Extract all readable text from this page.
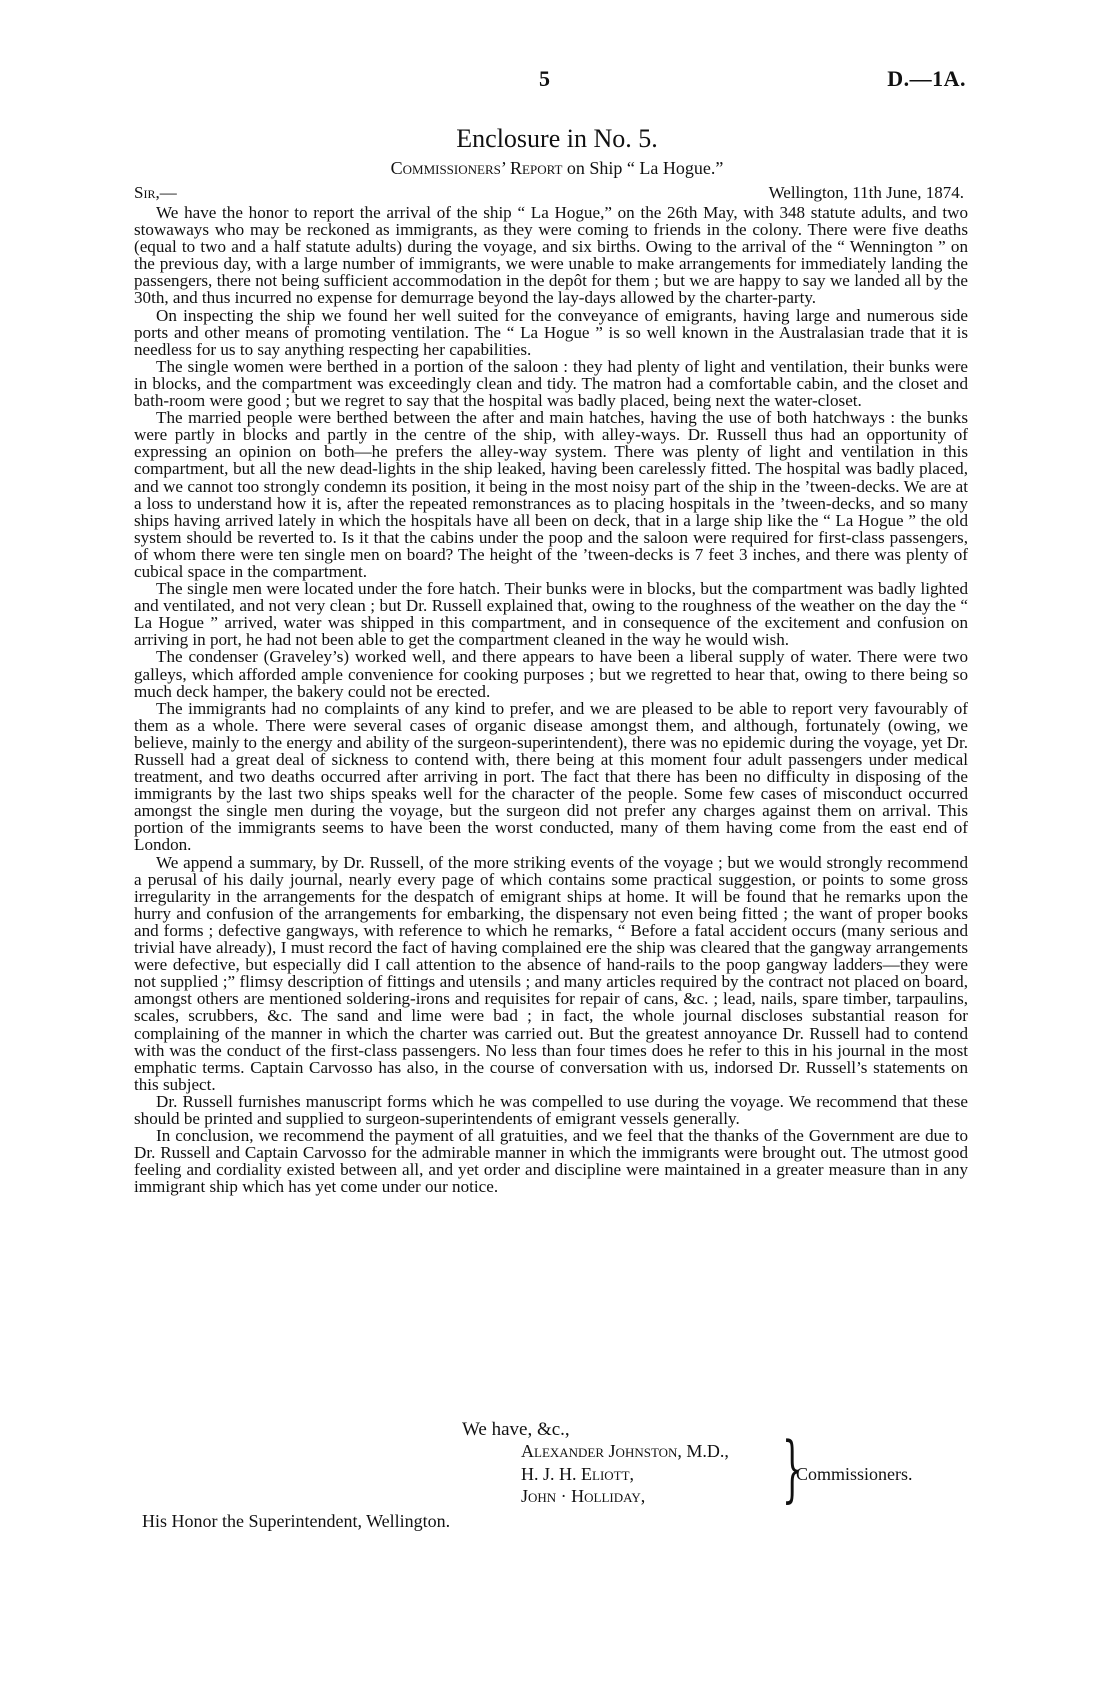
5	D.—1A.
Enclosure in No. 5.
Commissioners’ Report on Ship “ La Hogue.”
Sir,—	Wellington, 11th June, 1874.

We have the honor to report the arrival of the ship “ La Hogue,” on the 26th May, with 348 statute adults, and two stowaways who may be reckoned as immigrants, as they were coming to friends in the colony. There were five deaths (equal to two and a half statute adults) during the voyage, and six births. Owing to the arrival of the “ Wennington ” on the previous day, with a large number of immigrants, we were unable to make arrangements for immediately landing the passengers, there not being sufficient accommodation in the depôt for them ; but we are happy to say we landed all by the 30th, and thus incurred no expense for demurrage beyond the lay-days allowed by the charter-party.

On inspecting the ship we found her well suited for the conveyance of emigrants, having large and numerous side ports and other means of promoting ventilation. The “ La Hogue ” is so well known in the Australasian trade that it is needless for us to say anything respecting her capabilities.

The single women were berthed in a portion of the saloon : they had plenty of light and ventilation, their bunks were in blocks, and the compartment was exceedingly clean and tidy. The matron had a comfortable cabin, and the closet and bath-room were good ; but we regret to say that the hospital was badly placed, being next the water-closet.

The married people were berthed between the after and main hatches, having the use of both hatchways : the bunks were partly in blocks and partly in the centre of the ship, with alley-ways. Dr. Russell thus had an opportunity of expressing an opinion on both—he prefers the alley-way system. There was plenty of light and ventilation in this compartment, but all the new dead-lights in the ship leaked, having been carelessly fitted. The hospital was badly placed, and we cannot too strongly condemn its position, it being in the most noisy part of the ship in the ’tween-decks. We are at a loss to understand how it is, after the repeated remonstrances as to placing hospitals in the ’tween-decks, and so many ships having arrived lately in which the hospitals have all been on deck, that in a large ship like the “ La Hogue ” the old system should be reverted to. Is it that the cabins under the poop and the saloon were required for first-class passengers, of whom there were ten single men on board? The height of the ’tween-decks is 7 feet 3 inches, and there was plenty of cubical space in the compartment.

The single men were located under the fore hatch. Their bunks were in blocks, but the compartment was badly lighted and ventilated, and not very clean ; but Dr. Russell explained that, owing to the roughness of the weather on the day the “ La Hogue ” arrived, water was shipped in this compartment, and in consequence of the excitement and confusion on arriving in port, he had not been able to get the compartment cleaned in the way he would wish.

The condenser (Graveley’s) worked well, and there appears to have been a liberal supply of water. There were two galleys, which afforded ample convenience for cooking purposes ; but we regretted to hear that, owing to there being so much deck hamper, the bakery could not be erected.

The immigrants had no complaints of any kind to prefer, and we are pleased to be able to report very favourably of them as a whole. There were several cases of organic disease amongst them, and although, fortunately (owing, we believe, mainly to the energy and ability of the surgeon-superintendent), there was no epidemic during the voyage, yet Dr. Russell had a great deal of sickness to contend with, there being at this moment four adult passengers under medical treatment, and two deaths occurred after arriving in port. The fact that there has been no difficulty in disposing of the immigrants by the last two ships speaks well for the character of the people. Some few cases of misconduct occurred amongst the single men during the voyage, but the surgeon did not prefer any charges against them on arrival. This portion of the immigrants seems to have been the worst conducted, many of them having come from the east end of London.

We append a summary, by Dr. Russell, of the more striking events of the voyage ; but we would strongly recommend a perusal of his daily journal, nearly every page of which contains some practical suggestion, or points to some gross irregularity in the arrangements for the despatch of emigrant ships at home. It will be found that he remarks upon the hurry and confusion of the arrangements for embarking, the dispensary not even being fitted ; the want of proper books and forms ; defective gangways, with reference to which he remarks, “ Before a fatal accident occurs (many serious and trivial have already), I must record the fact of having complained ere the ship was cleared that the gangway arrangements were defective, but especially did I call attention to the absence of hand-rails to the poop gangway ladders—they were not supplied ;” flimsy description of fittings and utensils ; and many articles required by the contract not placed on board, amongst others are mentioned soldering-irons and requisites for repair of cans, &c. ; lead, nails, spare timber, tarpaulins, scales, scrubbers, &c. The sand and lime were bad ; in fact, the whole journal discloses substantial reason for complaining of the manner in which the charter was carried out. But the greatest annoyance Dr. Russell had to contend with was the conduct of the first-class passengers. No less than four times does he refer to this in his journal in the most emphatic terms. Captain Carvosso has also, in the course of conversation with us, indorsed Dr. Russell’s statements on this subject.

Dr. Russell furnishes manuscript forms which he was compelled to use during the voyage. We recommend that these should be printed and supplied to surgeon-superintendents of emigrant vessels generally.

In conclusion, we recommend the payment of all gratuities, and we feel that the thanks of the Government are due to Dr. Russell and Captain Carvosso for the admirable manner in which the immigrants were brought out. The utmost good feeling and cordiality existed between all, and yet order and discipline were maintained in a greater measure than in any immigrant ship which has yet come under our notice.

We have, &c.,
Alexander Johnston, M.D.,
H. J. H. Eliott,
John · Holliday, }
Commissioners.
His Honor the Superintendent, Wellington.
